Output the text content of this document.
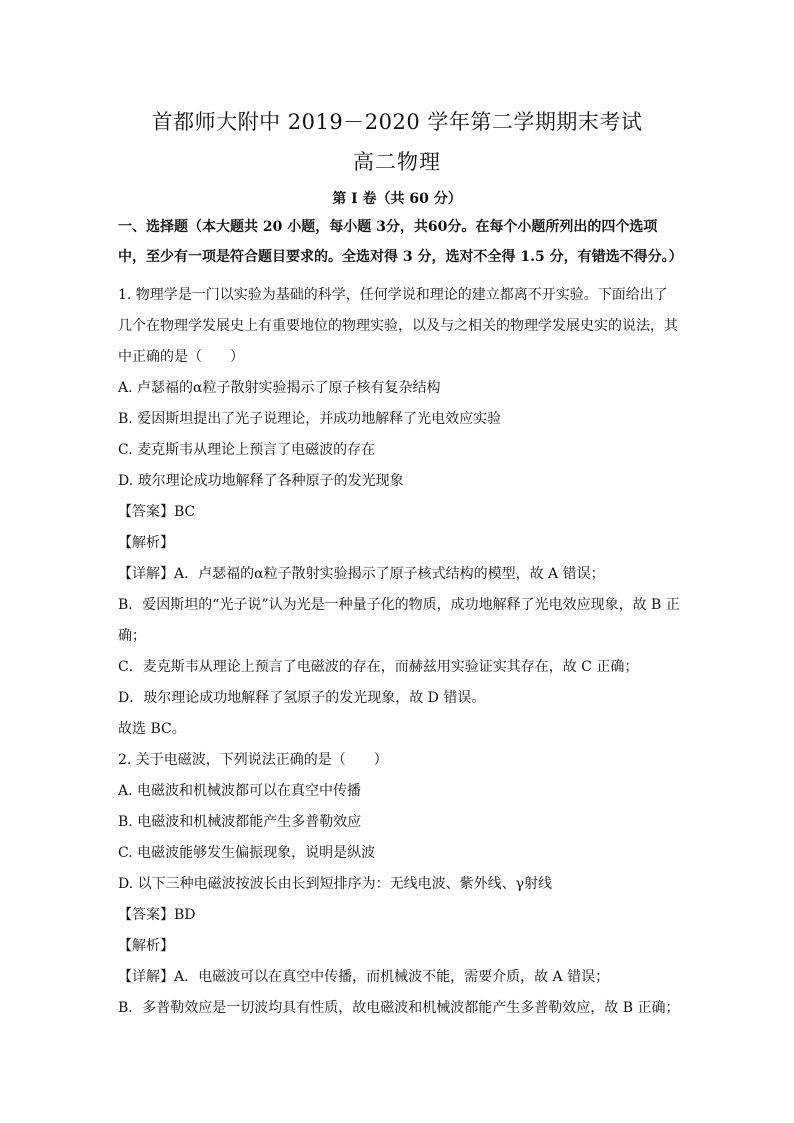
首都师大附中 2019－2020 学年第二学期期末考试
高二物理
第 I 卷（共 60 分）
一、选择题（本大题共 20 小题，每小题 3分，共60分。在每个小题所列出的四个选项中，至少有一项是符合题目要求的。全选对得 3 分，选对不全得 1.5 分，有错选不得分。）
1. 物理学是一门以实验为基础的科学，任何学说和理论的建立都离不开实验。下面给出了
几个在物理学发展史上有重要地位的物理实验，以及与之相关的物理学发展史实的说法，其
中正确的是（　　）
A. 卢瑟福的α粒子散射实验揭示了原子核有复杂结构
B. 爱因斯坦提出了光子说理论，并成功地解释了光电效应实验
C. 麦克斯韦从理论上预言了电磁波的存在
D. 玻尔理论成功地解释了各种原子的发光现象
【答案】BC
【解析】
【详解】A．卢瑟福的α粒子散射实验揭示了原子核式结构的模型，故 A 错误；
B．爱因斯坦的“光子说”认为光是一种量子化的物质，成功地解释了光电效应现象，故 B 正
确；
C．麦克斯韦从理论上预言了电磁波的存在，而赫兹用实验证实其存在，故 C 正确；
D．玻尔理论成功地解释了氢原子的发光现象，故 D 错误。
故选 BC。
2. 关于电磁波，下列说法正确的是（　　）
A. 电磁波和机械波都可以在真空中传播
B. 电磁波和机械波都能产生多普勒效应
C. 电磁波能够发生偏振现象，说明是纵波
D. 以下三种电磁波按波长由长到短排序为：无线电波、紫外线、γ射线
【答案】BD
【解析】
【详解】A．电磁波可以在真空中传播，而机械波不能，需要介质，故 A 错误；
B．多普勒效应是一切波均具有性质，故电磁波和机械波都能产生多普勒效应，故 B 正确；
